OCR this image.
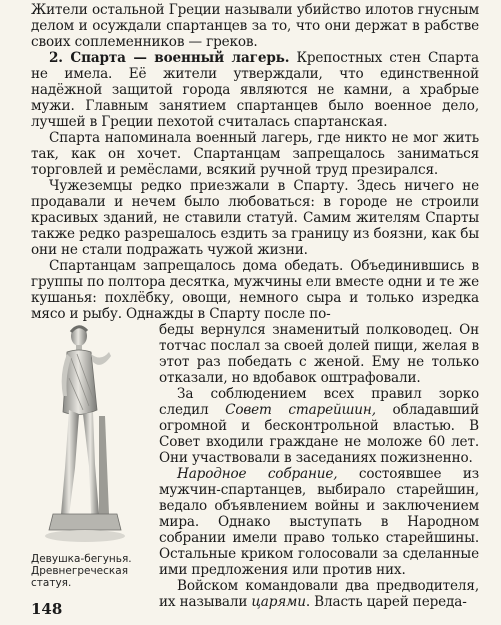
Жители остальной Греции называли убийство илотов гнусным делом и осуждали спартанцев за то, что они держат в рабстве своих соплеменников — греков.

2. Спарта — военный лагерь. Крепостных стен Спарта не имела. Её жители утверждали, что единственной надёжной защитой города являются не камни, а храбрые мужи. Главным занятием спартанцев было военное дело, лучшей в Греции пехотой считалась спартанская.

Спарта напоминала военный лагерь, где никто не мог жить так, как он хочет. Спартанцам запрещалось заниматься торговлей и ремёслами, всякий ручной труд презирался.

Чужеземцы редко приезжали в Спарту. Здесь ничего не продавали и нечем было любоваться: в городе не строили красивых зданий, не ставили статуй. Самим жителям Спарты также редко разрешалось ездить за границу из боязни, как бы они не стали подражать чужой жизни.

Спартанцам запрещалось дома обедать. Объединившись в группы по полтора десятка, мужчины ели вместе одни и те же кушанья: похлёбку, овощи, немного сыра и только изредка мясо и рыбу. Однажды в Спарту после по-

беды вернулся знаменитый полководец. Он тотчас послал за своей долей пищи, желая в этот раз победать с женой. Ему не только отказали, но вдобавок оштрафовали.

За соблюдением всех правил зорко следил Совет старейшин, обладавший огромной и бесконтрольной властью. В Совет входили граждане не моложе 60 лет. Они участвовали в заседаниях пожизненно.

Народное собрание, состоявшее из мужчин-спартанцев, выбирало старейшин, ведало объявлением войны и заключением мира. Однако выступать в Народном собрании имели право только старейшины. Остальные криком голосовали за сделанные ими предложения или против них.

Войском командовали два предводителя, их называли царями. Власть царей переда-

Девушка-бегунья. Древнегреческая статуя.
148
